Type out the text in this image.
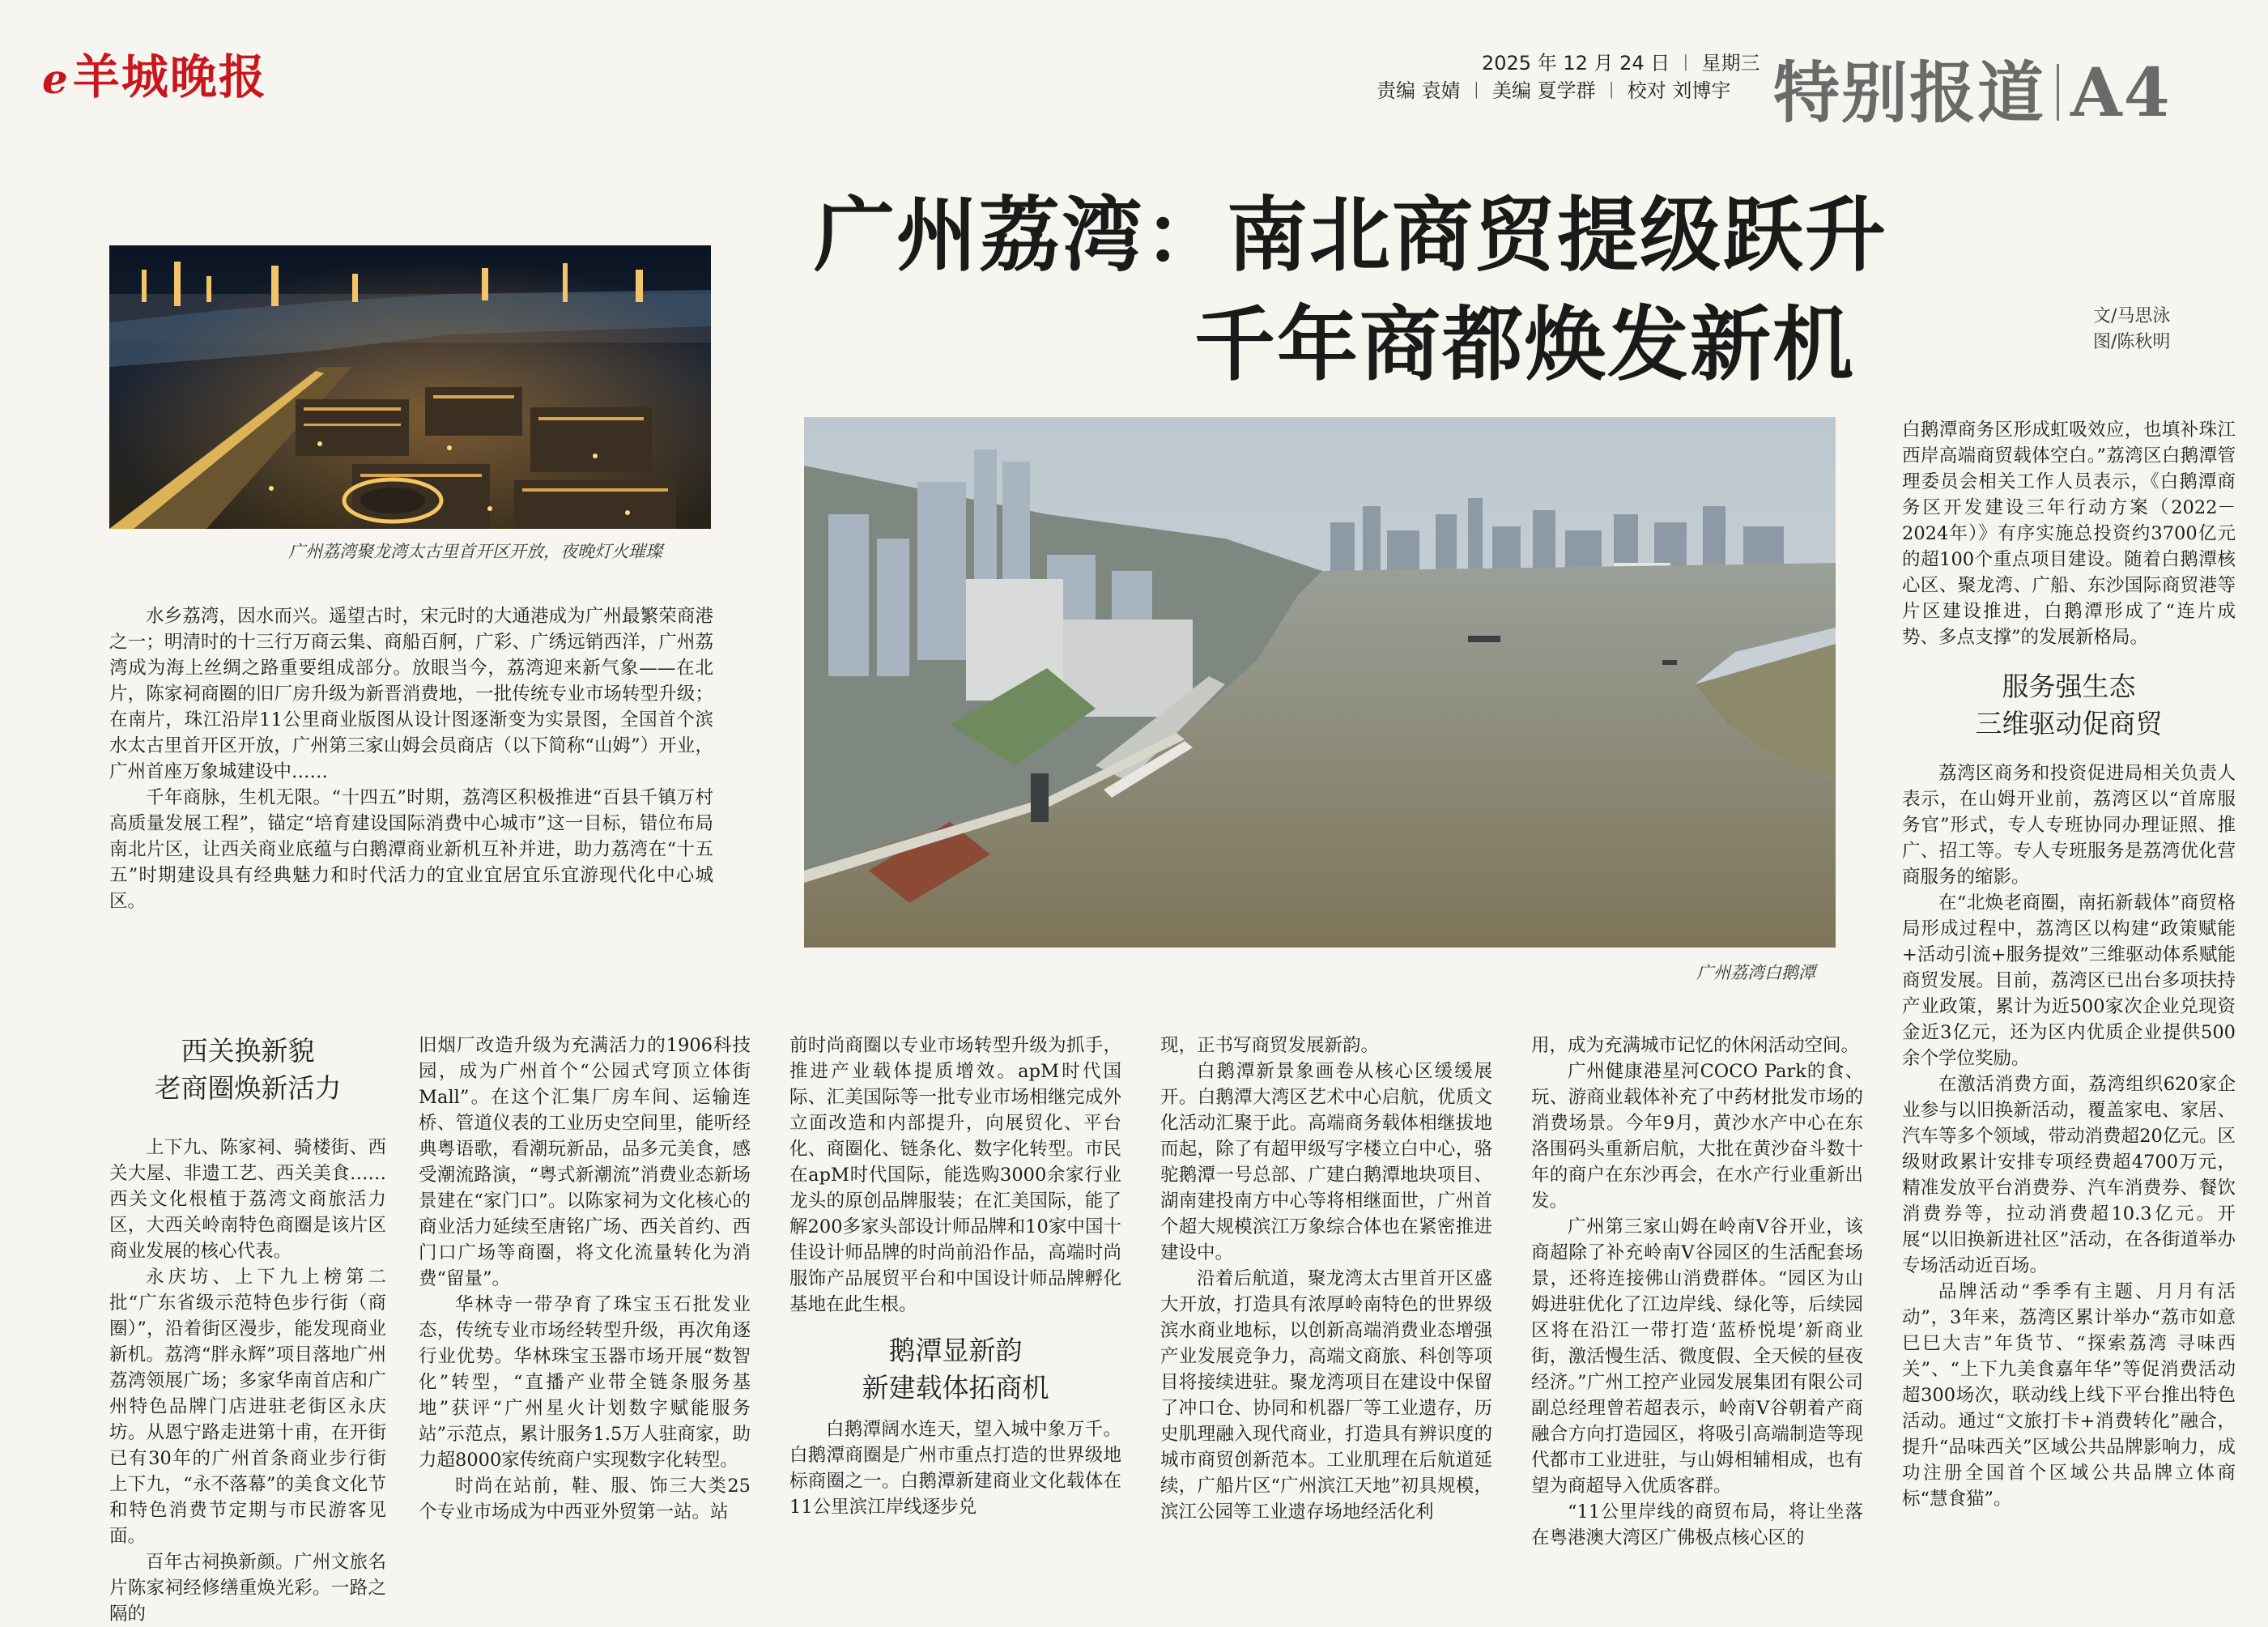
e羊城晚报	2025 年 12 月 24 日 ︱ 星期三
责编 袁婧 ︱ 美编 夏学群 ︱ 校对 刘博宇 特别报道 A4
广州荔湾：南北商贸提级跃升
千年商都焕发新机	文/马思泳
图/陈秋明
广州荔湾聚龙湾太古里首开区开放，夜晚灯火璀璨
广州荔湾白鹅潭

水乡荔湾，因水而兴。遥望古时，宋元时的大通港成为广州最繁荣商港之一；明清时的十三行万商云集、商船百舸，广彩、广绣远销西洋，广州荔湾成为海上丝绸之路重要组成部分。放眼当今，荔湾迎来新气象——在北片，陈家祠商圈的旧厂房升级为新晋消费地，一批传统专业市场转型升级；在南片，珠江沿岸11公里商业版图从设计图逐渐变为实景图，全国首个滨水太古里首开区开放，广州第三家山姆会员商店（以下简称“山姆”）开业，广州首座万象城建设中……

千年商脉，生机无限。“十四五”时期，荔湾区积极推进“百县千镇万村高质量发展工程”，锚定“培育建设国际消费中心城市”这一目标，错位布局南北片区，让西关商业底蕴与白鹅潭商业新机互补并进，助力荔湾在“十五五”时期建设具有经典魅力和时代活力的宜业宜居宜乐宜游现代化中心城区。

西关换新貌
老商圈焕新活力

上下九、陈家祠、骑楼街、西关大屋、非遗工艺、西关美食……西关文化根植于荔湾文商旅活力区，大西关岭南特色商圈是该片区商业发展的核心代表。

永庆坊、上下九上榜第二批“广东省级示范特色步行街（商圈）”，沿着街区漫步，能发现商业新机。荔湾“胖永辉”项目落地广州荔湾领展广场；多家华南首店和广州特色品牌门店进驻老街区永庆坊。从恩宁路走进第十甫，在开街已有30年的广州首条商业步行街上下九，“永不落幕”的美食文化节和特色消费节定期与市民游客见面。

百年古祠换新颜。广州文旅名片陈家祠经修缮重焕光彩。一路之隔的

旧烟厂改造升级为充满活力的1906科技园，成为广州首个“公园式穹顶立体街Mall”。在这个汇集厂房车间、运输连桥、管道仪表的工业历史空间里，能听经典粤语歌，看潮玩新品，品多元美食，感受潮流路演，“粤式新潮流”消费业态新场景建在“家门口”。以陈家祠为文化核心的商业活力延续至唐铭广场、西关首约、西门口广场等商圈，将文化流量转化为消费“留量”。

华林寺一带孕育了珠宝玉石批发业态，传统专业市场经转型升级，再次角逐行业优势。华林珠宝玉器市场开展“数智化”转型，“直播产业带全链条服务基地”获评“广州星火计划数字赋能服务站”示范点，累计服务1.5万人驻商家，助力超8000家传统商户实现数字化转型。

时尚在站前，鞋、服、饰三大类25个专业市场成为中西亚外贸第一站。站

前时尚商圈以专业市场转型升级为抓手，推进产业载体提质增效。apM时代国际、汇美国际等一批专业市场相继完成外立面改造和内部提升，向展贸化、平台化、商圈化、链条化、数字化转型。市民在apM时代国际，能选购3000余家行业龙头的原创品牌服装；在汇美国际，能了解200多家头部设计师品牌和10家中国十佳设计师品牌的时尚前沿作品，高端时尚服饰产品展贸平台和中国设计师品牌孵化基地在此生根。

鹅潭显新韵
新建载体拓商机

白鹅潭阔水连天，望入城中象万千。白鹅潭商圈是广州市重点打造的世界级地标商圈之一。白鹅潭新建商业文化载体在11公里滨江岸线逐步兑

现，正书写商贸发展新韵。

白鹅潭新景象画卷从核心区缓缓展开。白鹅潭大湾区艺术中心启航，优质文化活动汇聚于此。高端商务载体相继拔地而起，除了有超甲级写字楼立白中心，骆驼鹅潭一号总部、广建白鹅潭地块项目、湖南建投南方中心等将相继面世，广州首个超大规模滨江万象综合体也在紧密推进建设中。

沿着后航道，聚龙湾太古里首开区盛大开放，打造具有浓厚岭南特色的世界级滨水商业地标，以创新高端消费业态增强产业发展竞争力，高端文商旅、科创等项目将接续进驻。聚龙湾项目在建设中保留了冲口仓、协同和机器厂等工业遗存，历史肌理融入现代商业，打造具有辨识度的城市商贸创新范本。工业肌理在后航道延续，广船片区“广州滨江天地”初具规模，滨江公园等工业遗存场地经活化利

用，成为充满城市记忆的休闲活动空间。

广州健康港星河COCO Park的食、玩、游商业载体补充了中药材批发市场的消费场景。今年9月，黄沙水产中心在东洛围码头重新启航，大批在黄沙奋斗数十年的商户在东沙再会，在水产行业重新出发。

广州第三家山姆在岭南V谷开业，该商超除了补充岭南V谷园区的生活配套场景，还将连接佛山消费群体。“园区为山姆进驻优化了江边岸线、绿化等，后续园区将在沿江一带打造‘蓝桥悦堤’新商业街，激活慢生活、微度假、全天候的昼夜经济。”广州工控产业园发展集团有限公司副总经理曾若超表示，岭南V谷朝着产商融合方向打造园区，将吸引高端制造等现代都市工业进驻，与山姆相辅相成，也有望为商超导入优质客群。

“11公里岸线的商贸布局，将让坐落在粤港澳大湾区广佛极点核心区的

白鹅潭商务区形成虹吸效应，也填补珠江西岸高端商贸载体空白。”荔湾区白鹅潭管理委员会相关工作人员表示，《白鹅潭商务区开发建设三年行动方案（2022－2024年）》有序实施总投资约3700亿元的超100个重点项目建设。随着白鹅潭核心区、聚龙湾、广船、东沙国际商贸港等片区建设推进，白鹅潭形成了“连片成势、多点支撑”的发展新格局。

服务强生态
三维驱动促商贸

荔湾区商务和投资促进局相关负责人表示，在山姆开业前，荔湾区以“首席服务官”形式，专人专班协同办理证照、推广、招工等。专人专班服务是荔湾优化营商服务的缩影。

在“北焕老商圈，南拓新载体”商贸格局形成过程中，荔湾区以构建“政策赋能+活动引流+服务提效”三维驱动体系赋能商贸发展。目前，荔湾区已出台多项扶持产业政策，累计为近500家次企业兑现资金近3亿元，还为区内优质企业提供500余个学位奖励。

在激活消费方面，荔湾组织620家企业参与以旧换新活动，覆盖家电、家居、汽车等多个领域，带动消费超20亿元。区级财政累计安排专项经费超4700万元，精准发放平台消费券、汽车消费券、餐饮消费券等，拉动消费超10.3亿元。开展“以旧换新进社区”活动，在各街道举办专场活动近百场。

品牌活动“季季有主题、月月有活动”，3年来，荔湾区累计举办“荔市如意 巳巳大吉”年货节、“探索荔湾 寻味西关”、“上下九美食嘉年华”等促消费活动超300场次，联动线上线下平台推出特色活动。通过“文旅打卡+消费转化”融合，提升“品味西关”区域公共品牌影响力，成功注册全国首个区域公共品牌立体商标“慧食猫”。
